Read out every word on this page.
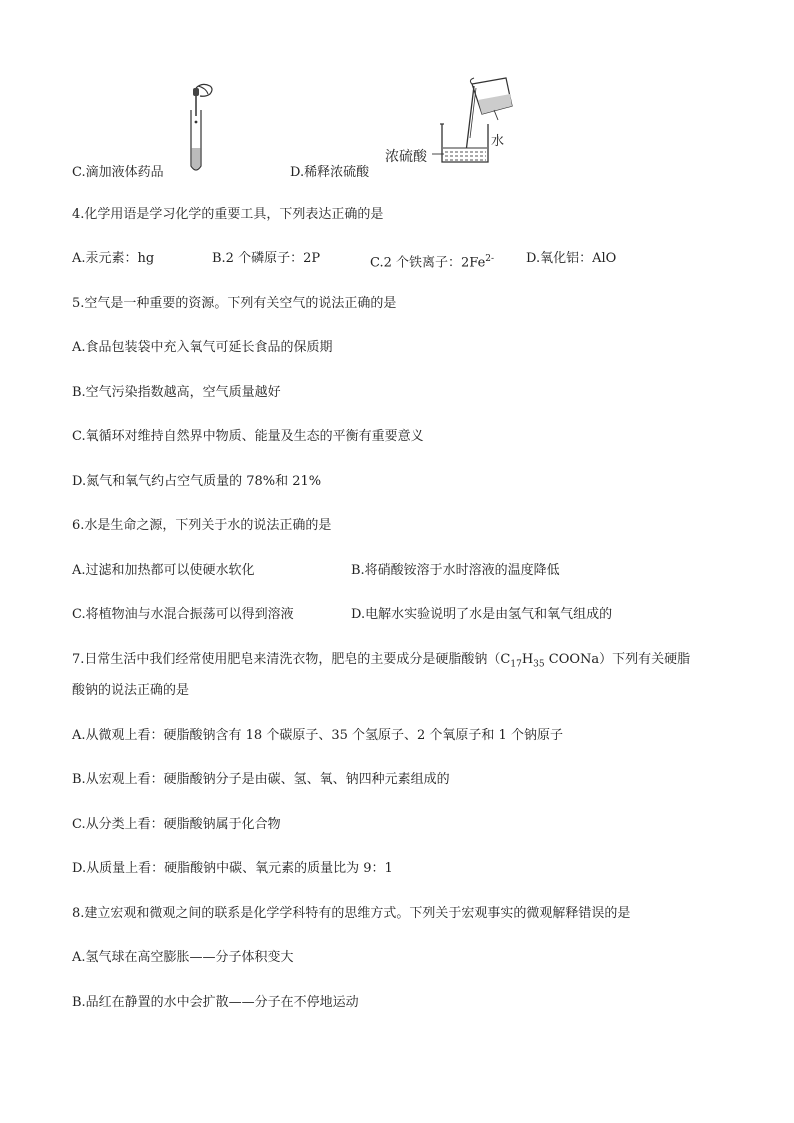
C.滴加液体药品
浓硫酸
水
D.稀释浓硫酸
4.化学用语是学习化学的重要工具，下列表达正确的是
A.汞元素：hg	B.2 个磷原子：2P	C.2 个铁离子：$2Fe^{2-}$ D.氧化铝：AlO
5.空气是一种重要的资源。下列有关空气的说法正确的是
A.食品包装袋中充入氧气可延长食品的保质期
B.空气污染指数越高，空气质量越好
C.氧循环对维持自然界中物质、能量及生态的平衡有重要意义
D.氮气和氧气约占空气质量的 78%和 21%
6.水是生命之源，下列关于水的说法正确的是
A.过滤和加热都可以使硬水软化	B.将硝酸铵溶于水时溶液的温度降低
C.将植物油与水混合振荡可以得到溶液	D.电解水实验说明了水是由氢气和氧气组成的
7.日常生活中我们经常使用肥皂来清洗衣物，肥皂的主要成分是硬脂酸钠（$C_{17}H_{35}$ COONa）下列有关硬脂
酸钠的说法正确的是
A.从微观上看：硬脂酸钠含有 18 个碳原子、35 个氢原子、2 个氧原子和 1 个钠原子
B.从宏观上看：硬脂酸钠分子是由碳、氢、氧、钠四种元素组成的
C.从分类上看：硬脂酸钠属于化合物
D.从质量上看：硬脂酸钠中碳、氧元素的质量比为 9：1
8.建立宏观和微观之间的联系是化学学科特有的思维方式。下列关于宏观事实的微观解释错误的是
A.氢气球在高空膨胀——分子体积变大
B.品红在静置的水中会扩散——分子在不停地运动
